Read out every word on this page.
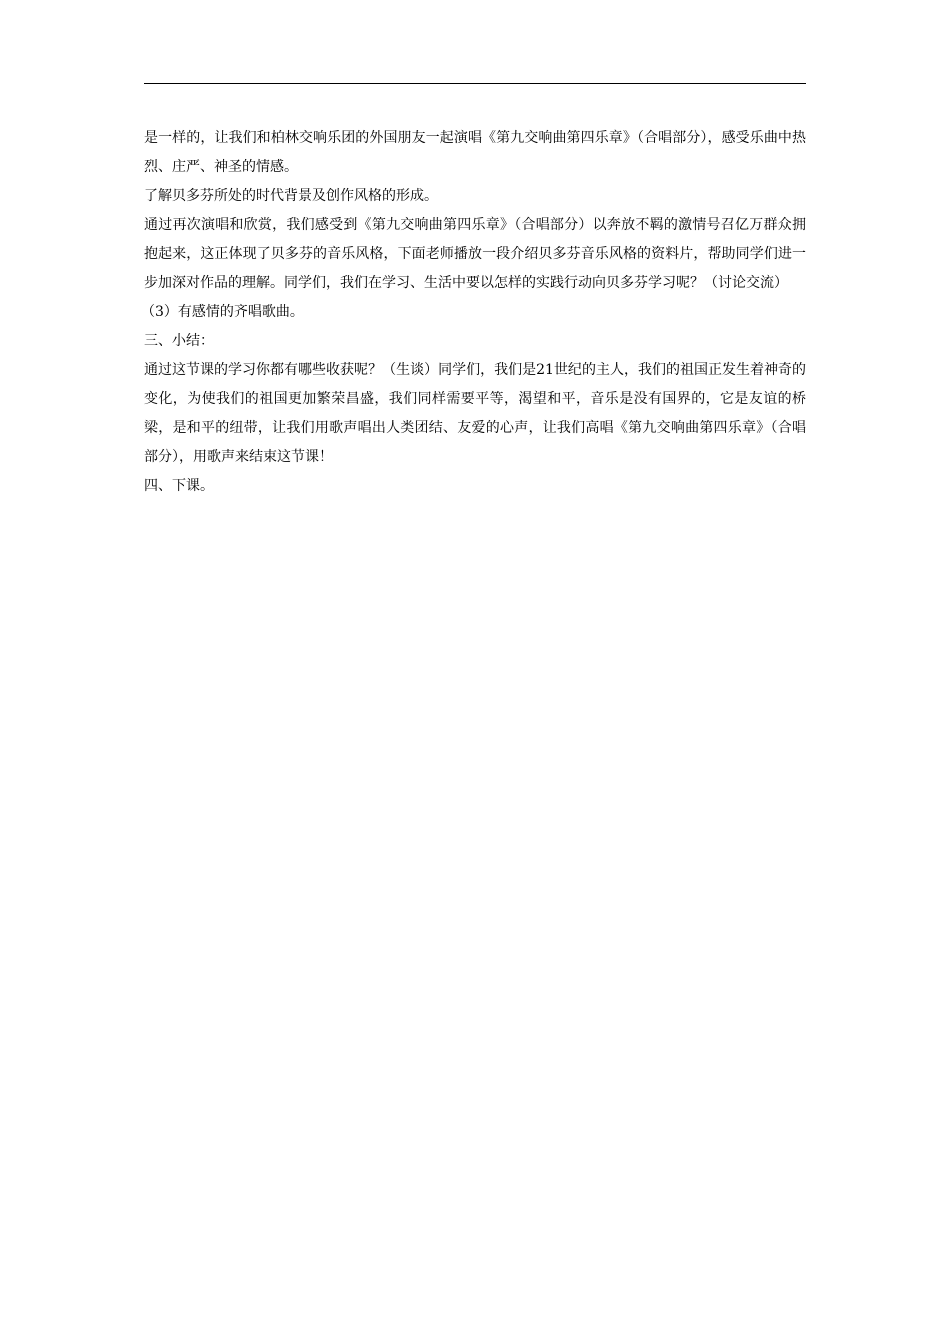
是一样的，让我们和柏林交响乐团的外国朋友一起演唱《第九交响曲第四乐章》（合唱部分），感受乐曲中热烈、庄严、神圣的情感。

了解贝多芬所处的时代背景及创作风格的形成。

通过再次演唱和欣赏，我们感受到《第九交响曲第四乐章》（合唱部分）以奔放不羁的激情号召亿万群众拥抱起来，这正体现了贝多芬的音乐风格，下面老师播放一段介绍贝多芬音乐风格的资料片，帮助同学们进一步加深对作品的理解。同学们，我们在学习、生活中要以怎样的实践行动向贝多芬学习呢？（讨论交流）

（3）有感情的齐唱歌曲。

三、小结：

通过这节课的学习你都有哪些收获呢？（生谈）同学们，我们是21世纪的主人，我们的祖国正发生着神奇的变化，为使我们的祖国更加繁荣昌盛，我们同样需要平等，渴望和平，音乐是没有国界的，它是友谊的桥梁，是和平的纽带，让我们用歌声唱出人类团结、友爱的心声，让我们高唱《第九交响曲第四乐章》（合唱部分），用歌声来结束这节课！

四、下课。
